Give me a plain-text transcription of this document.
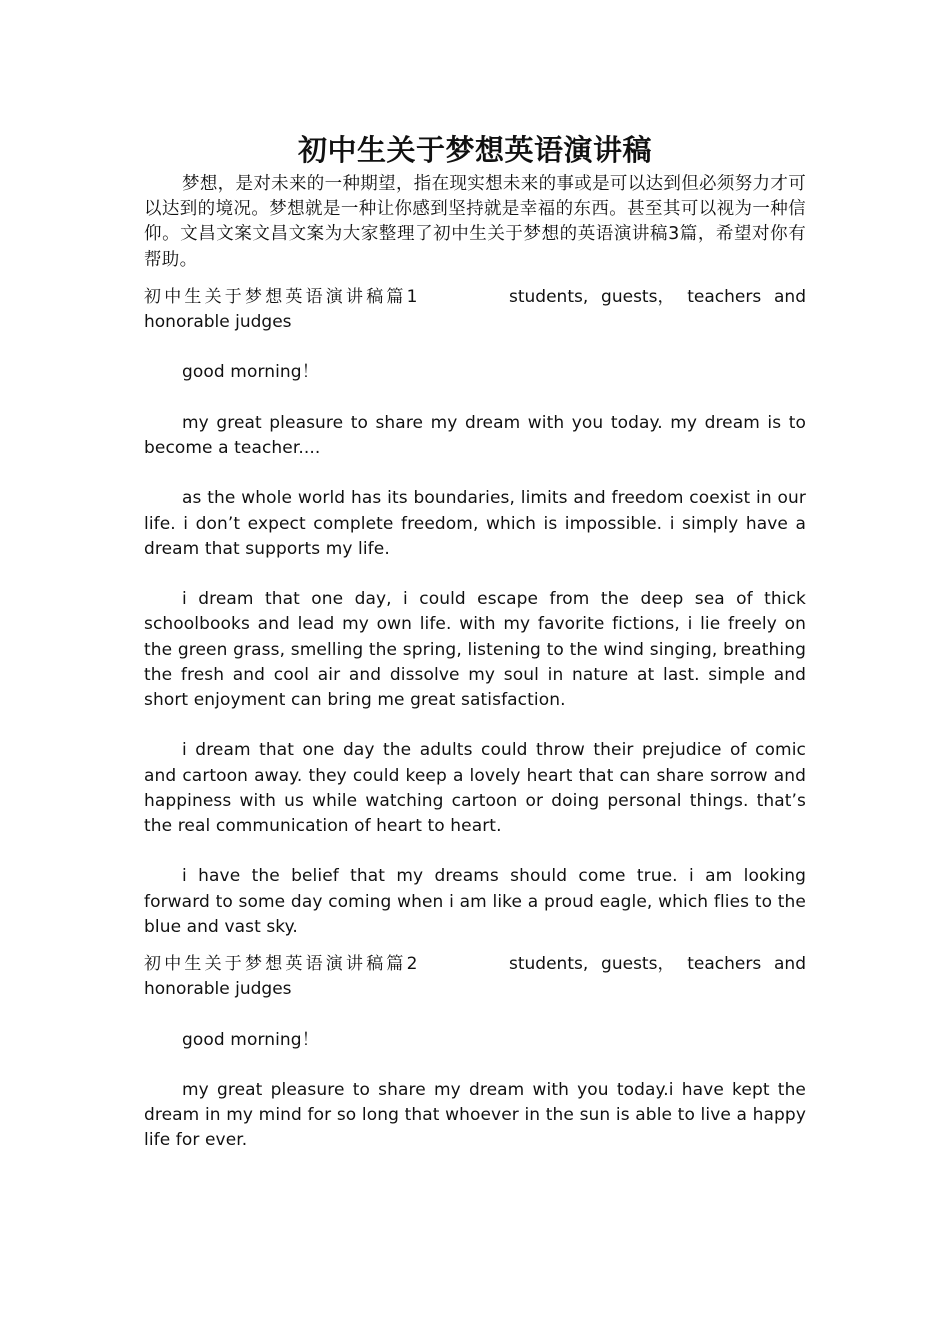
初中生关于梦想英语演讲稿

梦想，是对未来的一种期望，指在现实想未来的事或是可以达到但必须努力才可以达到的境况。梦想就是一种让你感到坚持就是幸福的东西。甚至其可以视为一种信仰。文昌文案文昌文案为大家整理了初中生关于梦想的英语演讲稿3篇，希望对你有帮助。

初中生关于梦想英语演讲稿篇1	students, guests， teachers and
honorable judges

good morning！

my great pleasure to share my dream with you today. my dream is to become a teacher....

as the whole world has its boundaries, limits and freedom coexist in our life. i don’t expect complete freedom, which is impossible. i simply have a dream that supports my life.

i dream that one day, i could escape from the deep sea of thick schoolbooks and lead my own life. with my favorite fictions, i lie freely on the green grass, smelling the spring, listening to the wind singing, breathing the fresh and cool air and dissolve my soul in nature at last. simple and short enjoyment can bring me great satisfaction.

i dream that one day the adults could throw their prejudice of comic and cartoon away. they could keep a lovely heart that can share sorrow and happiness with us while watching cartoon or doing personal things. that’s the real communication of heart to heart.

i have the belief that my dreams should come true. i am looking forward to some day coming when i am like a proud eagle, which flies to the blue and vast sky.

初中生关于梦想英语演讲稿篇2	students, guests， teachers and
honorable judges

good morning！

my great pleasure to share my dream with you today.i have kept the dream in my mind for so long that whoever in the sun is able to live a happy life for ever.
